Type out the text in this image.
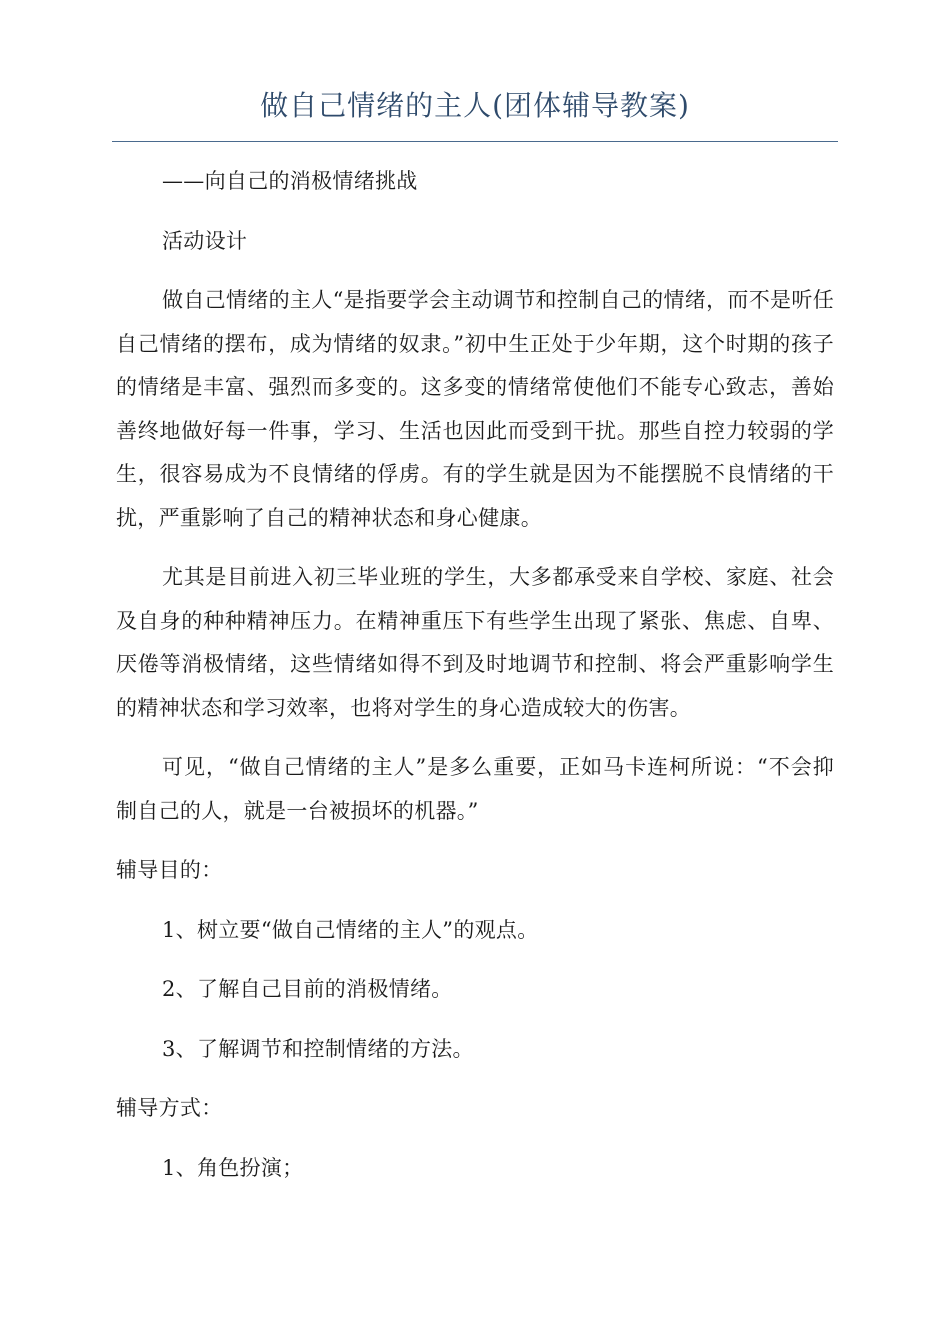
做自己情绪的主人(团体辅导教案)

——向自己的消极情绪挑战

活动设计

做自己情绪的主人“是指要学会主动调节和控制自己的情绪，而不是听任自己情绪的摆布，成为情绪的奴隶。”初中生正处于少年期，这个时期的孩子的情绪是丰富、强烈而多变的。这多变的情绪常使他们不能专心致志，善始善终地做好每一件事，学习、生活也因此而受到干扰。那些自控力较弱的学生，很容易成为不良情绪的俘虏。有的学生就是因为不能摆脱不良情绪的干扰，严重影响了自己的精神状态和身心健康。

尤其是目前进入初三毕业班的学生，大多都承受来自学校、家庭、社会及自身的种种精神压力。在精神重压下有些学生出现了紧张、焦虑、自卑、厌倦等消极情绪，这些情绪如得不到及时地调节和控制、将会严重影响学生的精神状态和学习效率，也将对学生的身心造成较大的伤害。

可见，“做自己情绪的主人”是多么重要，正如马卡连柯所说：“不会抑制自己的人，就是一台被损坏的机器。”

辅导目的：

1、树立要“做自己情绪的主人”的观点。

2、了解自己目前的消极情绪。

3、了解调节和控制情绪的方法。

辅导方式：

1、角色扮演；
